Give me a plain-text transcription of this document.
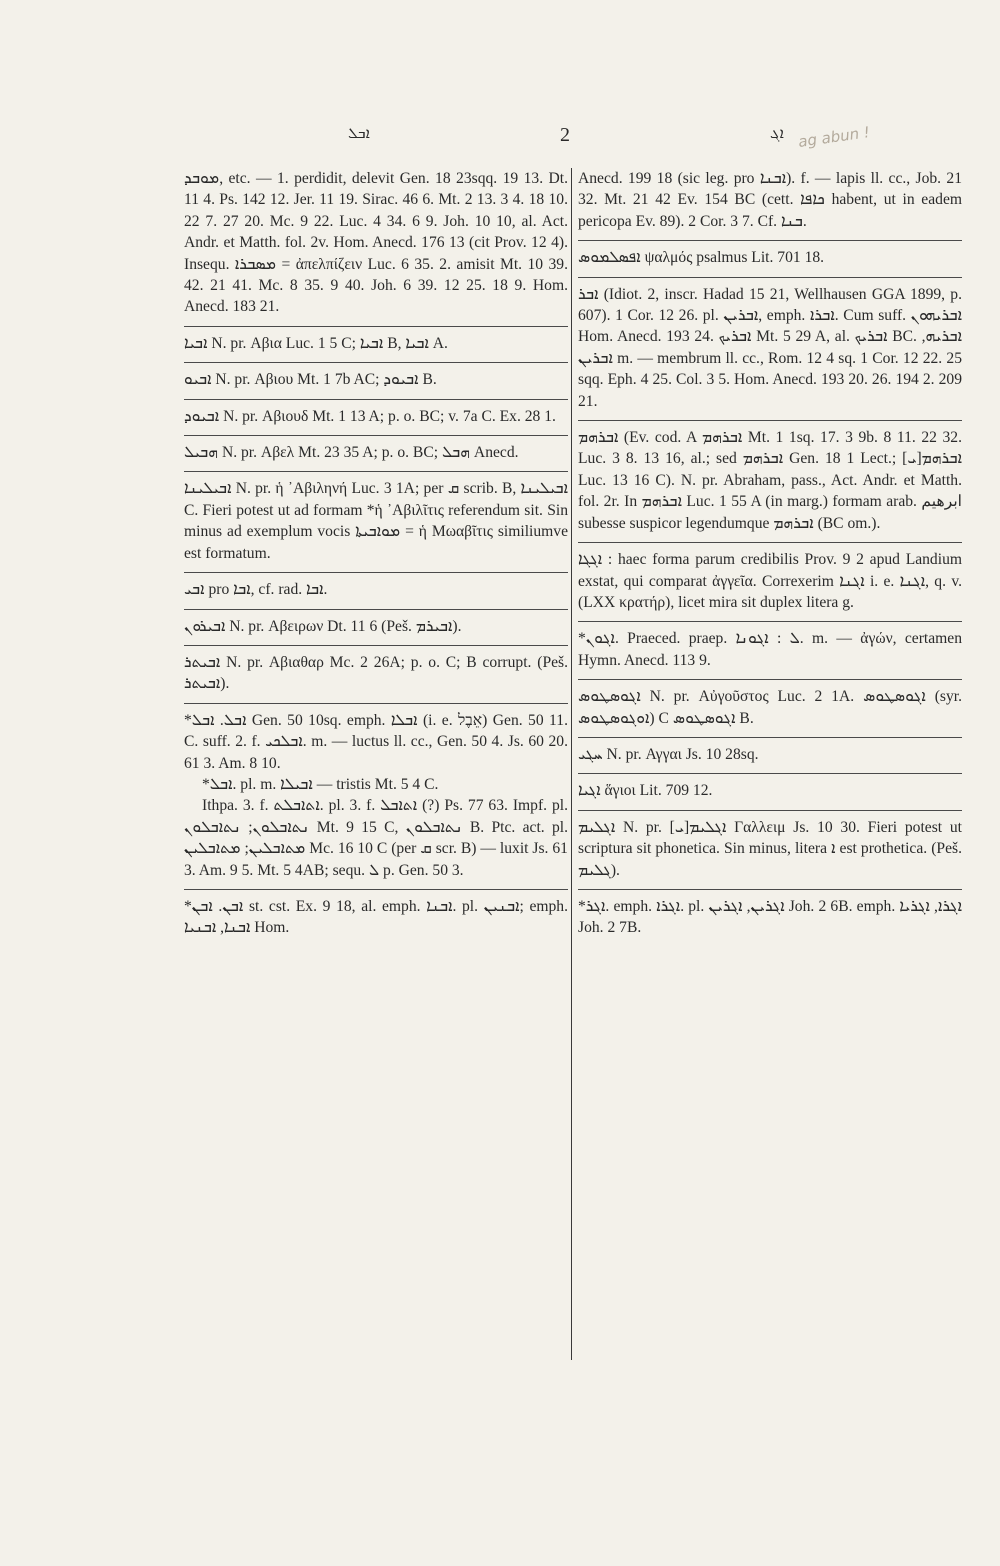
ܐܒܠ	2	ܐܓ ag abun !

ܡܘܒܕ, etc. — 1. perdidit, delevit Gen. 18 23sqq. 19 13. Dt. 11 4. Ps. 142 12. Jer. 11 19. Sirac. 46 6. Mt. 2 13. 3 4. 18 10. 22 7. 27 20. Mc. 9 22. Luc. 4 34. 6 9. Joh. 10 10, al. Act. Andr. et Matth. fol. 2v. Hom. Anecd. 176 13 (cit Prov. 12 4). Insequ. ܡܣܒܪܐ = ἀπελπίζειν Luc. 6 35. 2. amisit Mt. 10 39. 42. 21 41. Mc. 8 35. 9 40. Joh. 6 39. 12 25. 18 9. Hom. Anecd. 183 21.

ܐܒܝܐ N. pr. Αβια Luc. 1 5 C; ܐܒܝܐ B, ܐܒܝܐ A.

ܐܒܝܘ N. pr. Αβιου Mt. 1 7b AC; ܐܒܝܘܕ B.

ܐܒܝܘܕ N. pr. Αβιουδ Mt. 1 13 A; p. o. BC; v. 7a C. Ex. 28 1.

ܗܒܝܠ N. pr. Αβελ Mt. 23 35 A; p. o. BC; ܗܒܠ Anecd.

ܐܒܝܠܝܢܐ N. pr. ἡ ᾿Αβιληνή Luc. 3 1A; per ܩ scrib. B, ܐܒܝܠܝܢܐ C. Fieri potest ut ad formam *ἡ ᾿Αβιλῖτις referendum sit. Sin minus ad exemplum vocis ܡܘܐܒܝܬܐ = ἡ Μωαβῖτις similiumve est formatum.

ܐܒܝ pro ܐܒܐ, cf. rad. ܐܒܐ.

ܐܒܝܪܘܢ N. pr. Αβειρων Dt. 11 6 (Peš. ܐܒܝܪܡ).

ܐܒܝܬܪ N. pr. Αβιαθαρ Mc. 2 26A; p. o. C; B corrupt. (Peš. ܐܒܝܬܪ).

*ܐܒܠ. ܐܒܠ Gen. 50 10sq. emph. ܐܒܠܐ (i. e. אֵבֶל) Gen. 50 11. C. suff. 2. f. ܐܒܠܟܝ. m. — luctus ll. cc., Gen. 50 4. Js. 60 20. 61 3. Am. 8 10.

*ܐܒܠ. pl. m. ܐܒܝܠܐ — tristis Mt. 5 4 C.

Ithpa. 3. f. ܐܬܐܒܠܬ. pl. 3. f. ܐܬܐܒܠ (?) Ps. 77 63. Impf. pl. ܢܬܐܒܠܘܢ; ܢܬܐܒܠܘܢ Mt. 9 15 C, ܢܬܐܒܠܘܢ B. Ptc. act. pl. ܡܬܐܒܠܝܢ; ܡܬܐܒܠܝܢ Mc. 16 10 C (per ܩ scr. B) — luxit Js. 61 3. Am. 9 5. Mt. 5 4AB; sequ. ܠ p. Gen. 50 3.

*ܐܒܢ. ܐܒܢ st. cst. Ex. 9 18, al. emph. ܐܒܢܐ. pl. ܐܒܢܝܢ; emph. ܐܒܢܐ, ܐܒܢܝܐ Hom.

Anecd. 199 18 (sic leg. pro ܐܒܢܐ). f. — lapis ll. cc., Job. 21 32. Mt. 21 42 Ev. 154 BC (cett. ܟܐܦܐ habent, ut in eadem pericopa Ev. 89). 2 Cor. 3 7. Cf. ܒܢܐ.

ܐܦܣܠܡܘܣ ψαλμός psalmus Lit. 701 18.

ܐܒܪ (Idiot. 2, inscr. Hadad 15 21, Wellhausen GGA 1899, p. 607). 1 Cor. 12 26. pl. ܐܒܪܝܢ, emph. ܐܒܪܐ. Cum suff. ܐܒܪܝܗܘܢ Hom. Anecd. 193 24. ܐܒܪܝܟ Mt. 5 29 A, al. ܐܒܪܝܟ BC. ܐܒܪܝܗ, ܐܒܪܝܢ m. — membrum ll. cc., Rom. 12 4 sq. 1 Cor. 12 22. 25 sqq. Eph. 4 25. Col. 3 5. Hom. Anecd. 193 20. 26. 194 2. 209 21.

ܐܒܪܗܡ (Ev. cod. A ܐܒܪܗܡ Mt. 1 1sq. 17. 3 9b. 8 11. 22 32. Luc. 3 8. 13 16, al.; sed ܐܒܪܗܡ Gen. 18 1 Lect.; ܐܒܪܗܡ[ܝ] Luc. 13 16 C). N. pr. Abraham, pass., Act. Andr. et Matth. fol. 2r. In ܐܒܪܗܡ Luc. 1 55 A (in marg.) formam arab. ابرهيم subesse suspicor legendumque ܐܒܪܗܡ (BC om.).

ܐܓܓܐ : haec forma parum credibilis Prov. 9 2 apud Landium exstat, qui comparat ἀγγεῖα. Correxerim ܐܓܢܐ i. e. ܐܓܢܐ, q. v. (LXX κρατήρ), licet mira sit duplex litera g.

*ܐܓܘܢ. Praeced. praep. ܠ : ܐܓܘܢܐ. m. — ἀγών, certamen Hymn. Anecd. 113 9.

ܐܓܘܣܛܘܣ N. pr. Αὐγοῦστος Luc. 2 1A. ܐܓܘܣܛܘܣ (syr. ܐܘܓܘܣܛܘܣ) C ܐܓܘܣܛܘܣ B.

ܚܓܝ N. pr. Αγγαι Js. 10 28sq.

ܐܓܝܐ ἅγιοι Lit. 709 12.

ܐܓܠܝܡ N. pr. ܐܓܠܝܡ[ܝ] Γαλλειμ Js. 10 30. Fieri potest ut scriptura sit phonetica. Sin minus, litera ܐ est prothetica. (Peš. ܓܠܝܡ).

*ܐܓܪ. emph. ܐܓܪܐ. pl. ܐܓܪܝܢ, ܐܓܪܝܢ Joh. 2 6B. emph. ܐܓܪܐ, ܐܓܪܝܐ Joh. 2 7B.
